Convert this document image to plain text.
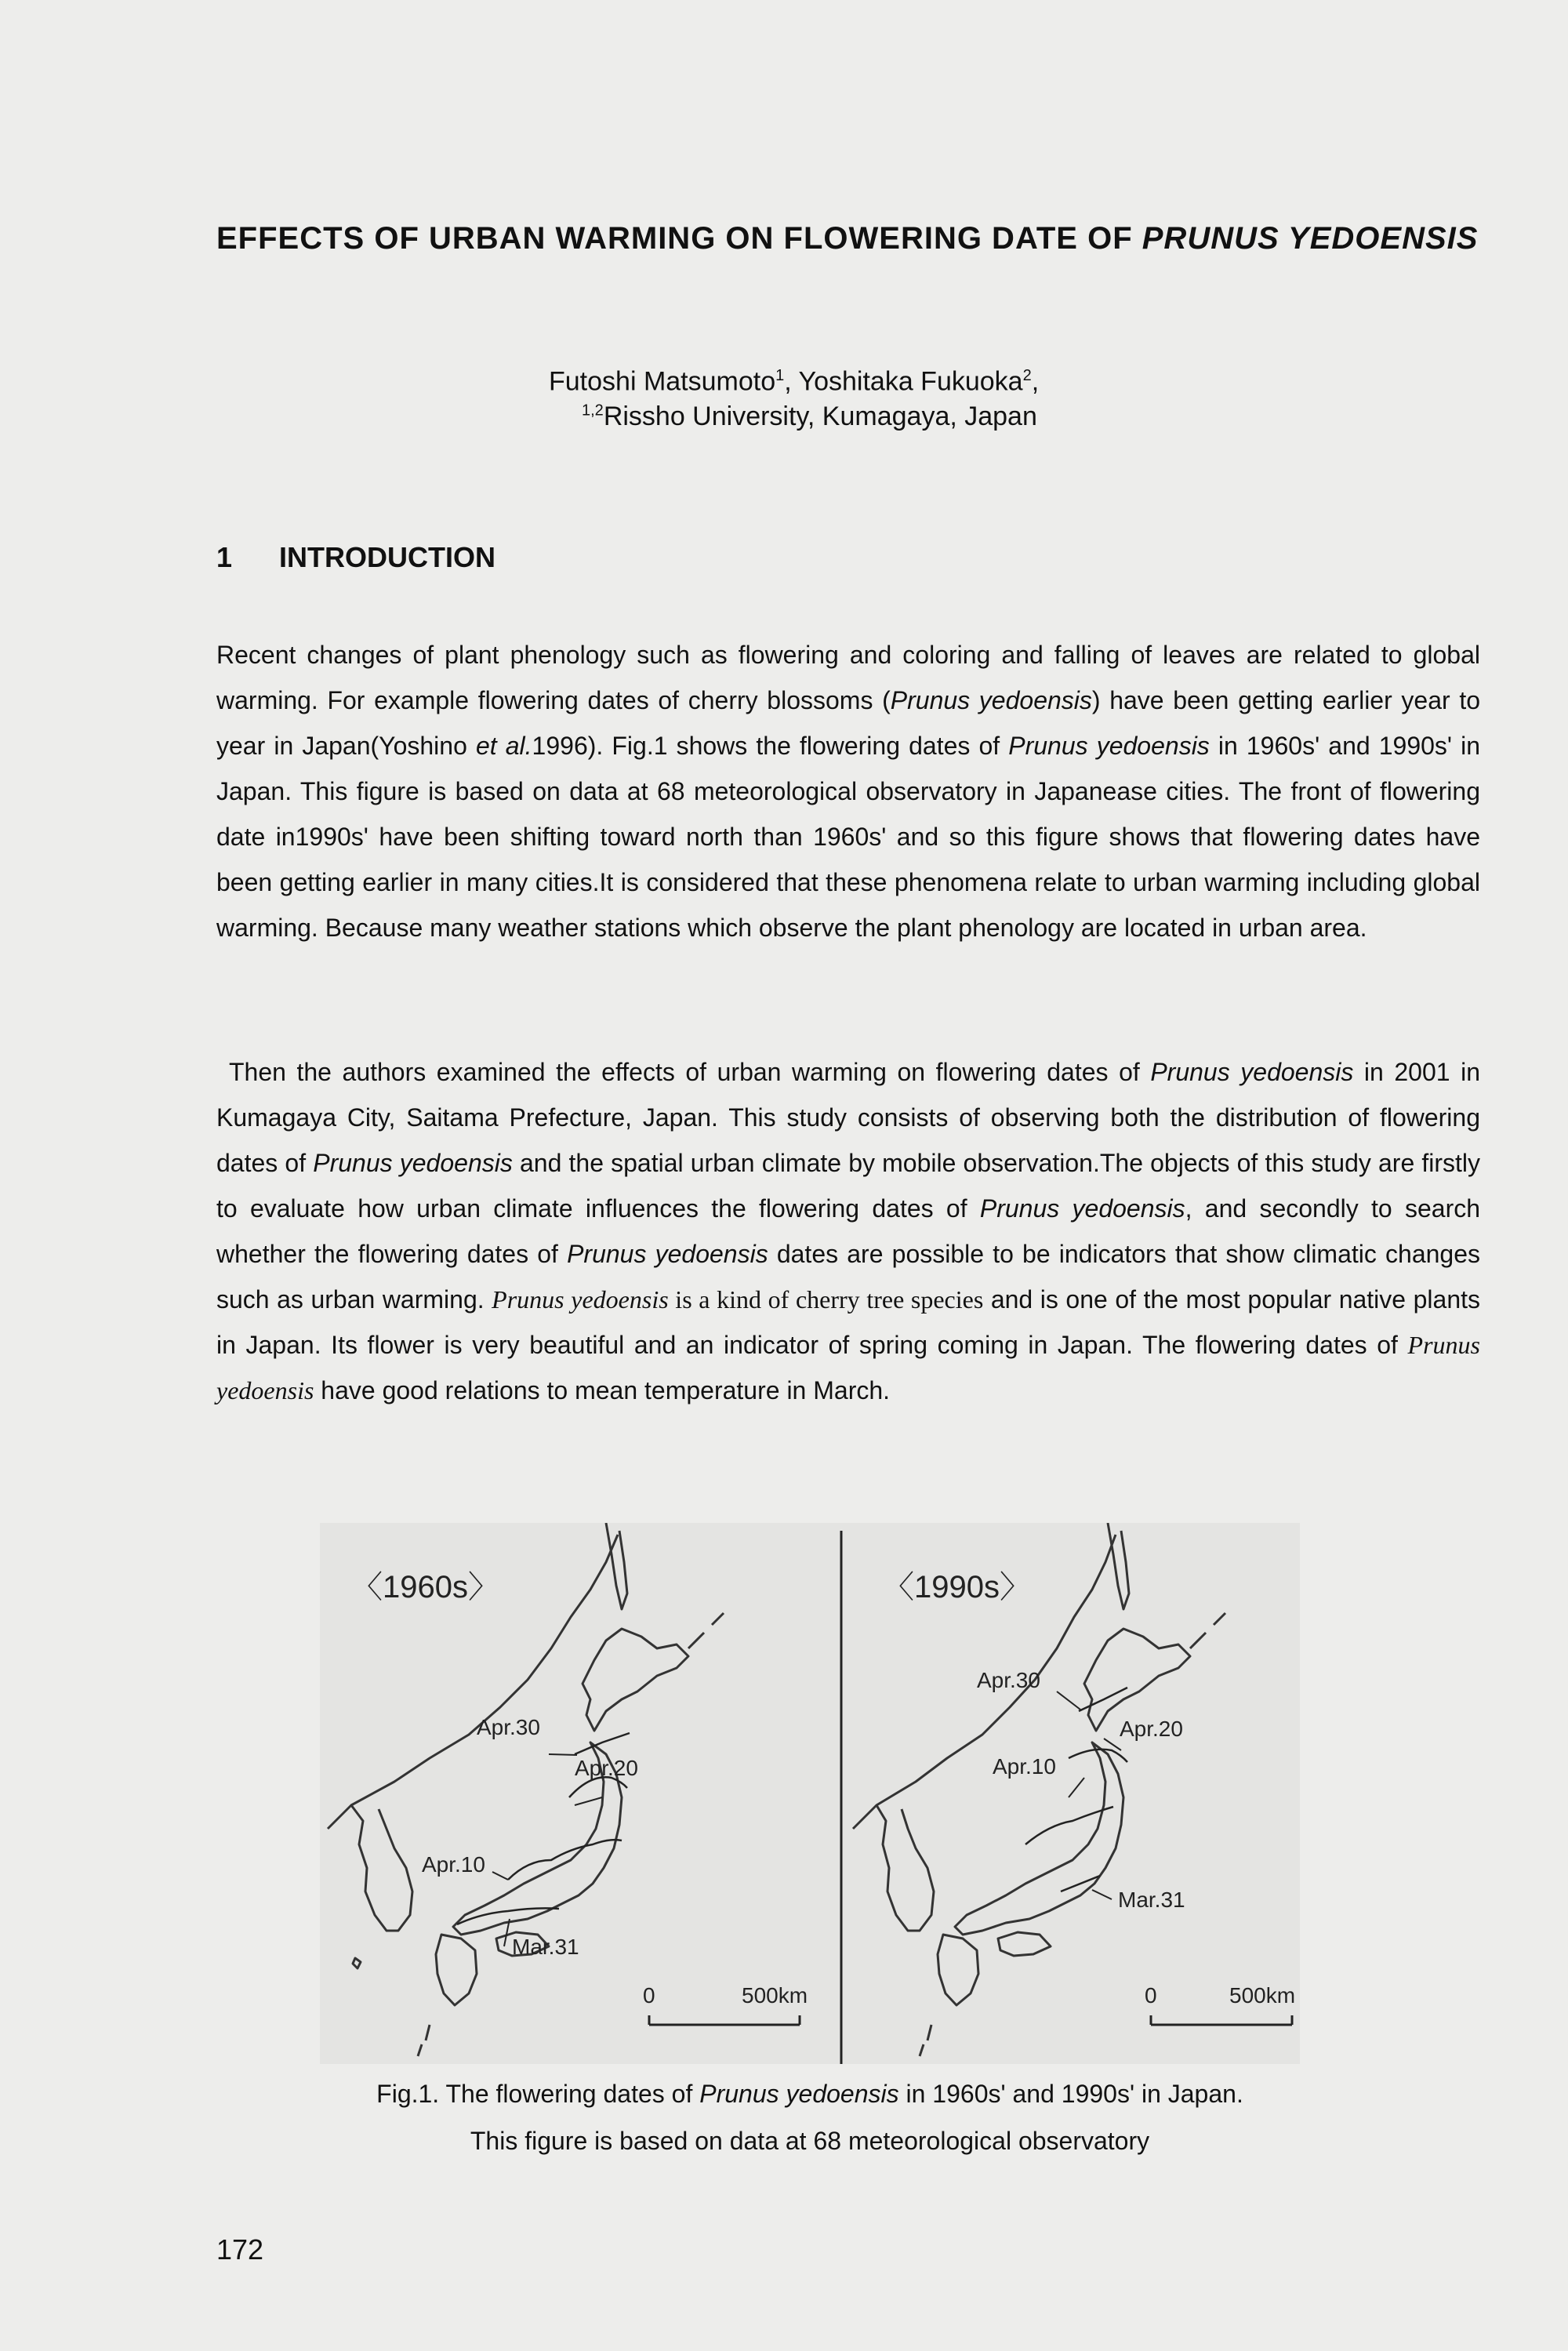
EFFECTS OF URBAN WARMING ON FLOWERING DATE OF PRUNUS YEDOENSIS

Futoshi Matsumoto$^1$, Yoshitaka Fukuoka$^2$,

$^{1,2}$Rissho University, Kumagaya, Japan

1 INTRODUCTION

Recent changes of plant phenology such as flowering and coloring and falling of leaves are related to global warming. For example flowering dates of cherry blossoms (Prunus yedoensis) have been getting earlier year to year in Japan(Yoshino et al.1996). Fig.1 shows the flowering dates of Prunus yedoensis in 1960s' and 1990s' in Japan. This figure is based on data at 68 meteorological observatory in Japanease cities. The front of flowering date in1990s' have been shifting toward north than 1960s' and so this figure shows that flowering dates have been getting earlier in many cities.It is considered that these phenomena relate to urban warming including global warming. Because many weather stations which observe the plant phenology are located in urban area.

Then the authors examined the effects of urban warming on flowering dates of Prunus yedoensis in 2001 in Kumagaya City, Saitama Prefecture, Japan. This study consists of observing both the distribution of flowering dates of Prunus yedoensis and the spatial urban climate by mobile observation.The objects of this study are firstly to evaluate how urban climate influences the flowering dates of Prunus yedoensis, and secondly to search whether the flowering dates of Prunus yedoensis dates are possible to be indicators that show climatic changes such as urban warming. Prunus yedoensis is a kind of cherry tree species and is one of the most popular native plants in Japan. Its flower is very beautiful and an indicator of spring coming in Japan. The flowering dates of Prunus yedoensis have good relations to mean temperature in March.

〈1960s〉
Apr.30
Apr.20
Apr.10
Mar.31
0	500km
〈1990s〉
Apr.30
Apr.20
Apr.10
Mar.31
0	500km

Fig.1. The flowering dates of Prunus yedoensis in 1960s' and 1990s' in Japan.
This figure is based on data at 68 meteorological observatory

172
